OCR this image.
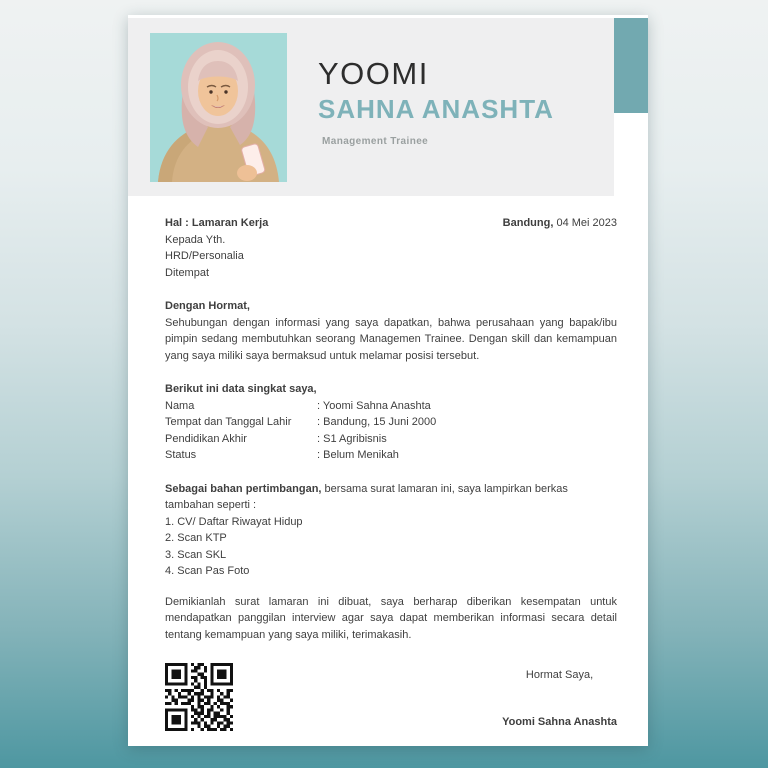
YOOMI
SAHNA ANASHTA
Management Trainee
Hal : Lamaran Kerja	Bandung, 04 Mei 2023
Kepada Yth.
HRD/Personalia
Ditempat
Dengan Hormat,
Sehubungan dengan informasi yang saya dapatkan, bahwa perusahaan yang bapak/ibu pimpin sedang membutuhkan seorang Managemen Trainee. Dengan skill dan kemampuan yang saya miliki saya bermaksud untuk melamar posisi tersebut.
Berikut ini data singkat saya,
Nama	: Yoomi Sahna Anashta
Tempat dan Tanggal Lahir	: Bandung, 15 Juni 2000
Pendidikan Akhir	: S1 Agribisnis
Status	: Belum Menikah
Sebagai bahan pertimbangan, bersama surat lamaran ini, saya lampirkan berkas tambahan seperti :
1. CV/ Daftar Riwayat Hidup
2. Scan KTP
3. Scan SKL
4. Scan Pas Foto
Demikianlah surat lamaran ini dibuat, saya berharap diberikan kesempatan untuk mendapatkan panggilan interview agar saya dapat memberikan informasi secara detail tentang kemampuan yang saya miliki, terimakasih.
Hormat Saya,
Yoomi Sahna Anashta
